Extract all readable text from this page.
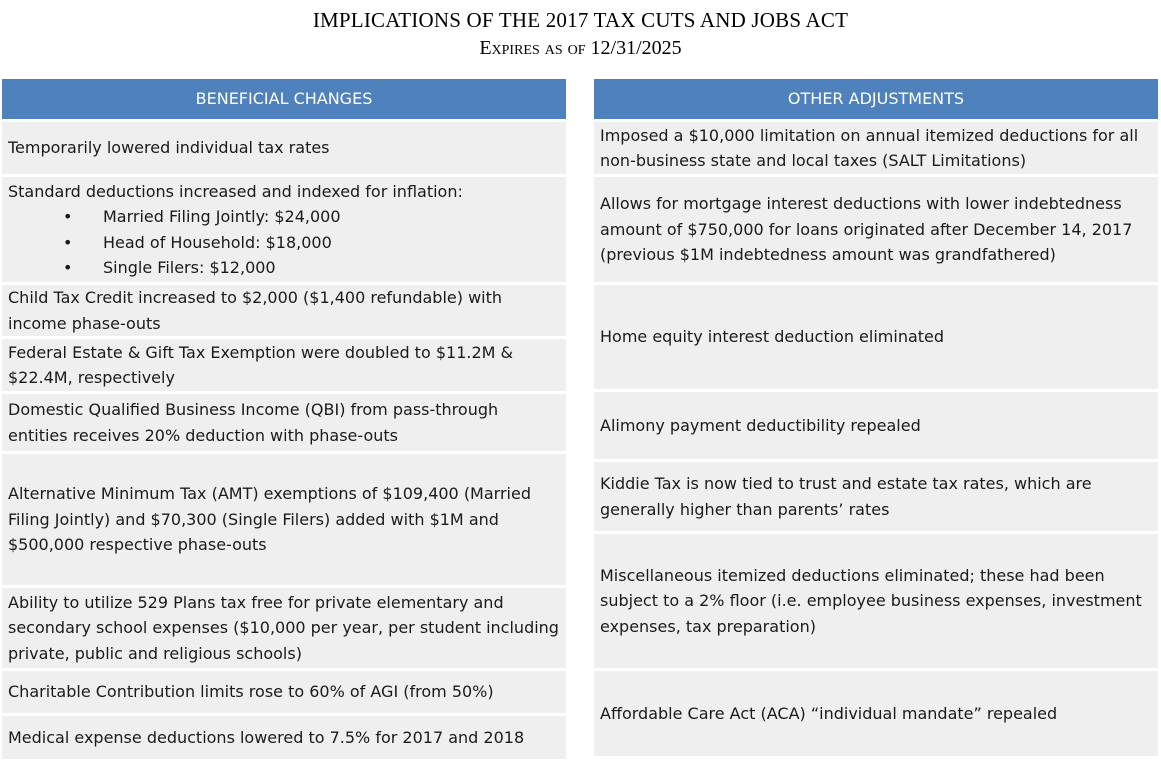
IMPLICATIONS OF THE 2017 TAX CUTS AND JOBS ACT
Expires as of 12/31/2025
BENEFICIAL CHANGES
Temporarily lowered individual tax rates
Standard deductions increased and indexed for inflation:
• Married Filing Jointly: $24,000
• Head of Household: $18,000
• Single Filers: $12,000
Child Tax Credit increased to $2,000 ($1,400 refundable) with income phase-outs
Federal Estate & Gift Tax Exemption were doubled to $11.2M & $22.4M, respectively
Domestic Qualified Business Income (QBI) from pass-through entities receives 20% deduction with phase-outs
Alternative Minimum Tax (AMT) exemptions of $109,400 (Married Filing Jointly) and $70,300 (Single Filers) added with $1M and $500,000 respective phase-outs
Ability to utilize 529 Plans tax free for private elementary and secondary school expenses ($10,000 per year, per student including private, public and religious schools)
Charitable Contribution limits rose to 60% of AGI (from 50%)
Medical expense deductions lowered to 7.5% for 2017 and 2018
OTHER ADJUSTMENTS
Imposed a $10,000 limitation on annual itemized deductions for all non-business state and local taxes (SALT Limitations)
Allows for mortgage interest deductions with lower indebtedness amount of $750,000 for loans originated after December 14, 2017 (previous $1M indebtedness amount was grandfathered)
Home equity interest deduction eliminated
Alimony payment deductibility repealed
Kiddie Tax is now tied to trust and estate tax rates, which are generally higher than parents’ rates
Miscellaneous itemized deductions eliminated; these had been subject to a 2% floor (i.e. employee business expenses, investment expenses, tax preparation)
Affordable Care Act (ACA) “individual mandate” repealed
